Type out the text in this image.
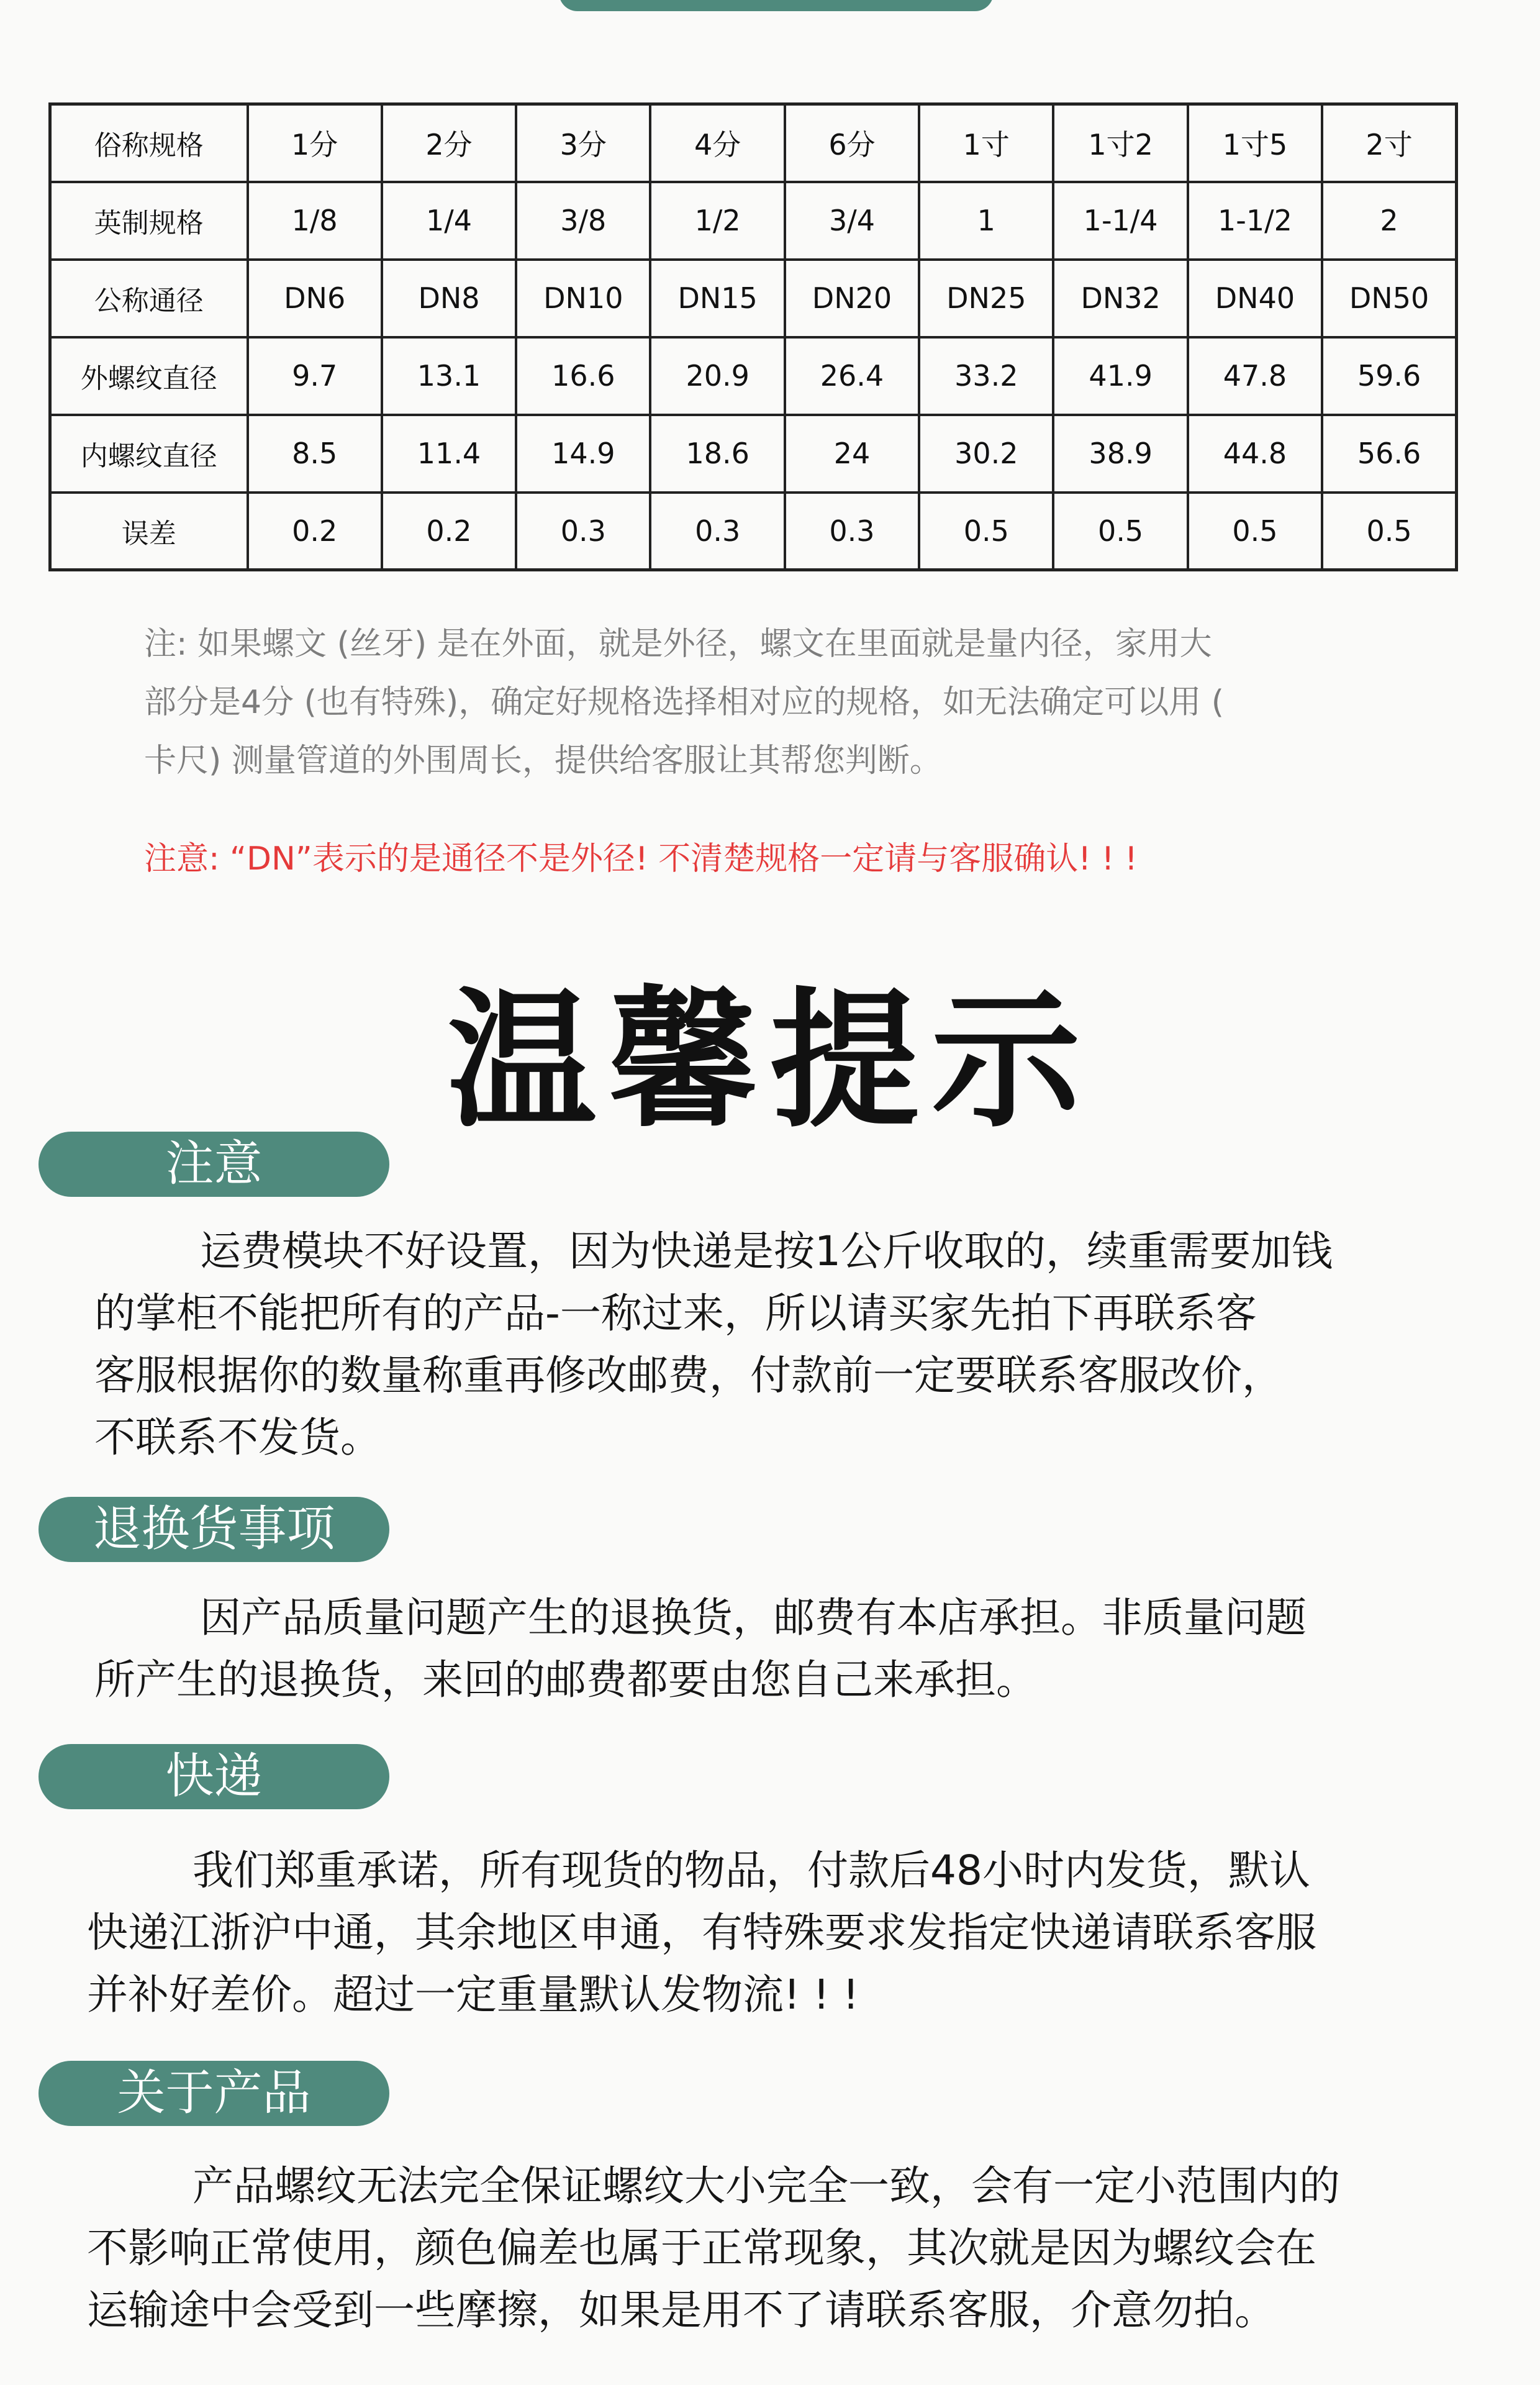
俗称规格	1分	2分	3分	4分	6分	1寸	1寸2	1寸5	2寸
英制规格	1/8	1/4	3/8	1/2	3/4	1	1-1/4	1-1/2	2
公称通径	DN6	DN8	DN10	DN15	DN20	DN25	DN32	DN40	DN50
外螺纹直径	9.7	13.1	16.6	20.9	26.4	33.2	41.9	47.8	59.6
内螺纹直径	8.5	11.4	14.9	18.6	24	30.2	38.9	44.8	56.6
误差	0.2	0.2	0.3	0.3	0.3	0.5	0.5	0.5	0.5
注: 如果螺文 (丝牙) 是在外面，就是外径，螺文在里面就是量内径，家用大
部分是4分 (也有特殊)，确定好规格选择相对应的规格，如无法确定可以用 (
卡尺) 测量管道的外围周长，提供给客服让其帮您判断。
注意: “DN”表示的是通径不是外径! 不清楚规格一定请与客服确认! ! !
温馨提示
注意
运费模块不好设置，因为快递是按1公斤收取的，续重需要加钱
的掌柜不能把所有的产品-一称过来，所以请买家先拍下再联系客
客服根据你的数量称重再修改邮费，付款前一定要联系客服改价，
不联系不发货。
退换货事项
因产品质量问题产生的退换货，邮费有本店承担。非质量问题
所产生的退换货，来回的邮费都要由您自己来承担。
快递
我们郑重承诺，所有现货的物品，付款后48小时内发货，默认
快递江浙沪中通，其余地区申通，有特殊要求发指定快递请联系客服
并补好差价。超过一定重量默认发物流! ! !
关于产品
产品螺纹无法完全保证螺纹大小完全一致，会有一定小范围内的
不影响正常使用，颜色偏差也属于正常现象，其次就是因为螺纹会在
运输途中会受到一些摩擦，如果是用不了请联系客服，介意勿拍。
